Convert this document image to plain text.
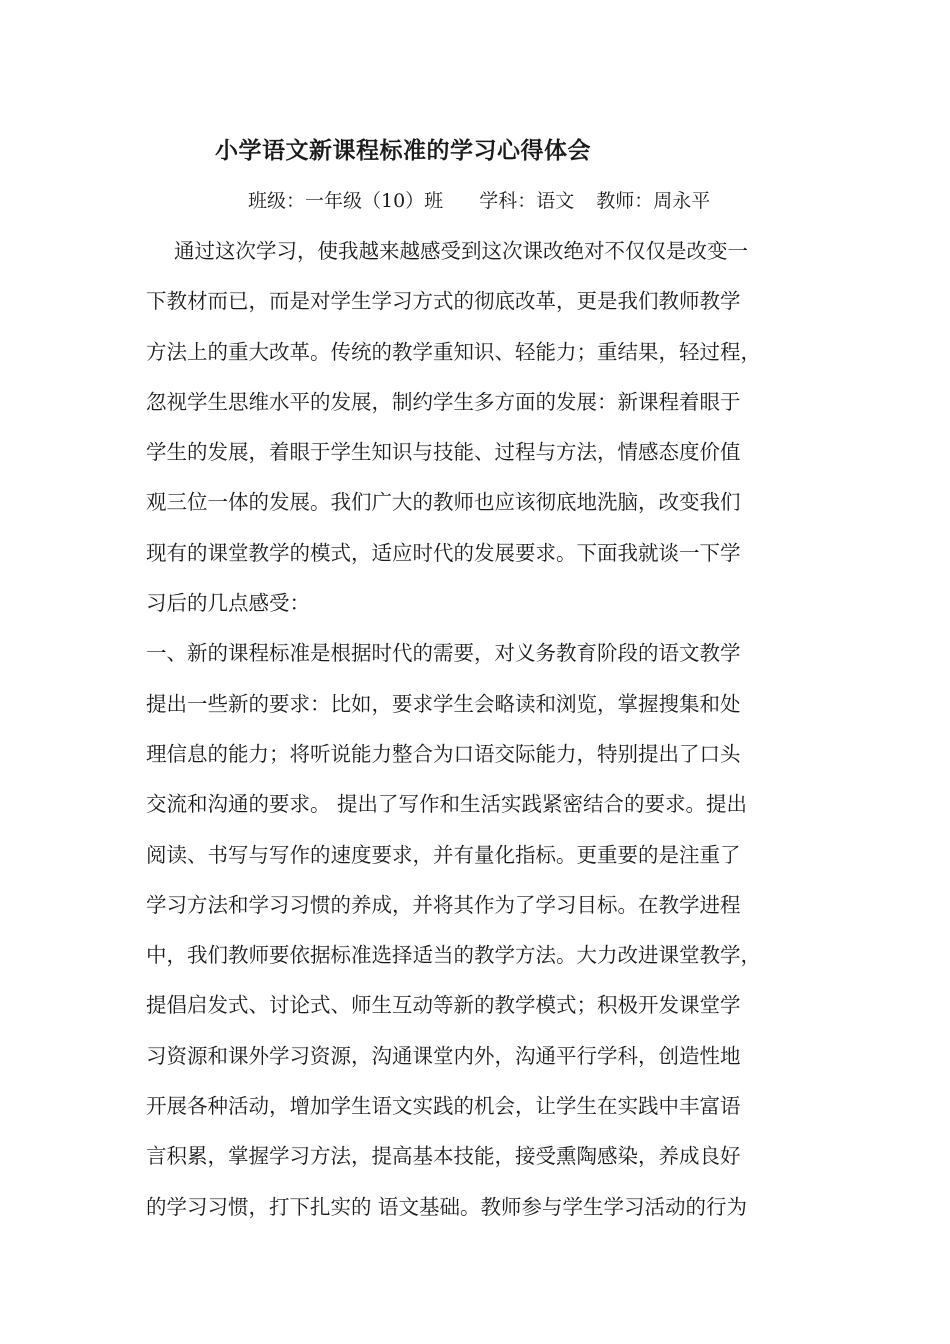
小学语文新课程标准的学习心得体会
班级：一年级（10）班 学科：语文 教师：周永平
通过这次学习，使我越来越感受到这次课改绝对不仅仅是改变一
下教材而已，而是对学生学习方式的彻底改革，更是我们教师教学
方法上的重大改革。传统的教学重知识、轻能力；重结果，轻过程，
忽视学生思维水平的发展，制约学生多方面的发展：新课程着眼于
学生的发展，着眼于学生知识与技能、过程与方法，情感态度价值
观三位一体的发展。我们广大的教师也应该彻底地洗脑，改变我们
现有的课堂教学的模式，适应时代的发展要求。下面我就谈一下学
习后的几点感受：
一、新的课程标准是根据时代的需要，对义务教育阶段的语文教学
提出一些新的要求：比如，要求学生会略读和浏览，掌握搜集和处
理信息的能力；将听说能力整合为口语交际能力，特别提出了口头
交流和沟通的要求。 提出了写作和生活实践紧密结合的要求。提出
阅读、书写与写作的速度要求，并有量化指标。更重要的是注重了
学习方法和学习习惯的养成，并将其作为了学习目标。在教学进程
中，我们教师要依据标准选择适当的教学方法。大力改进课堂教学，
提倡启发式、讨论式、师生互动等新的教学模式；积极开发课堂学
习资源和课外学习资源，沟通课堂内外，沟通平行学科，创造性地
开展各种活动，增加学生语文实践的机会，让学生在实践中丰富语
言积累，掌握学习方法，提高基本技能，接受熏陶感染，养成良好
的学习习惯，打下扎实的 语文基础。教师参与学生学习活动的行为
